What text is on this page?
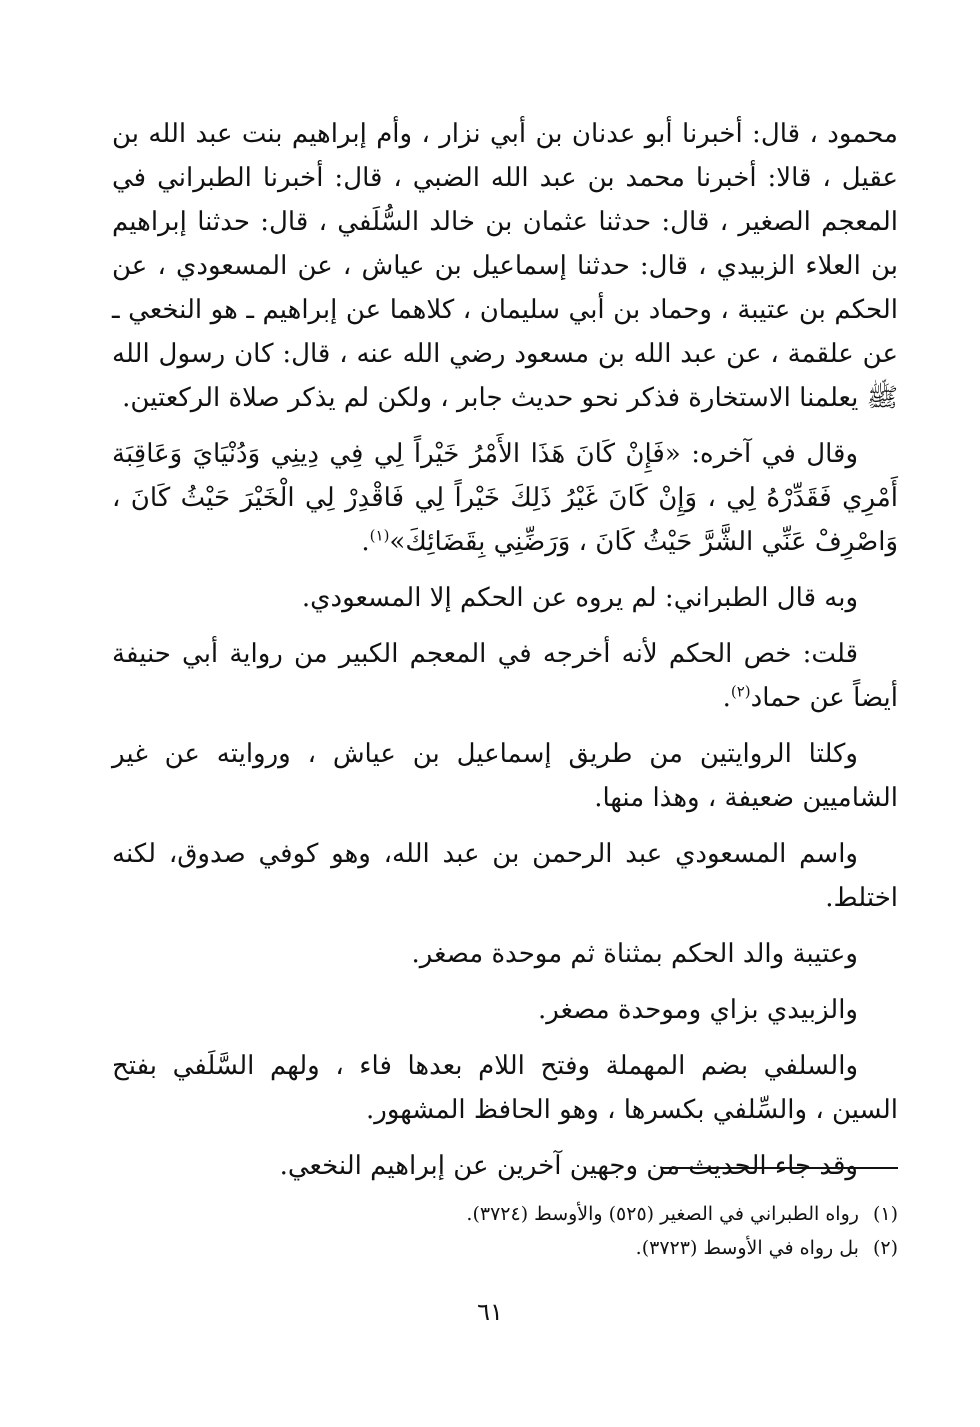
محمود ، قال: أخبرنا أبو عدنان بن أبي نزار ، وأم إبراهيم بنت عبد الله بن عقيل ، قالا: أخبرنا محمد بن عبد الله الضبي ، قال: أخبرنا الطبراني في المعجم الصغير ، قال: حدثنا عثمان بن خالد السُّلَفي ، قال: حدثنا إبراهيم بن العلاء الزبيدي ، قال: حدثنا إسماعيل بن عياش ، عن المسعودي ، عن الحكم بن عتيبة ، وحماد بن أبي سليمان ، كلاهما عن إبراهيم ـ هو النخعي ـ عن علقمة ، عن عبد الله بن مسعود رضي الله عنه ، قال: كان رسول الله ﷺ يعلمنا الاستخارة فذكر نحو حديث جابر ، ولكن لم يذكر صلاة الركعتين.

وقال في آخره: «فَإِنْ كَانَ هَذَا الأَمْرُ خَيْراً لِي فِي دِينِي وَدُنْيَايَ وَعَاقِبَة أَمْرِي فَقَدِّرْهُ لِي ، وَإِنْ كَانَ غَيْرُ ذَلِكَ خَيْراً لِي فَاقْدِرْ لِي الْخَيْرَ حَيْثُ كَانَ ، وَاصْرِفْ عَنِّي الشَّرَّ حَيْثُ كَانَ ، وَرَضِّنِي بِقَضَائِكَ»$^{(١)}$.

وبه قال الطبراني: لم يروه عن الحكم إلا المسعودي.

قلت: خص الحكم لأنه أخرجه في المعجم الكبير من رواية أبي حنيفة أيضاً عن حماد$^{(٢)}$.

وكلتا الروايتين من طريق إسماعيل بن عياش ، وروايته عن غير الشاميين ضعيفة ، وهذا منها.

واسم المسعودي عبد الرحمن بن عبد الله، وهو كوفي صدوق، لكنه اختلط.

وعتيبة والد الحكم بمثناة ثم موحدة مصغر.

والزبيدي بزاي وموحدة مصغر.

والسلفي بضم المهملة وفتح اللام بعدها فاء ، ولهم السَّلَفي بفتح السين ، والسِّلفي بكسرها ، وهو الحافظ المشهور.

وقد جاء الحديث من وجهين آخرين عن إبراهيم النخعي.

(١)رواه الطبراني في الصغير (٥٢٥) والأوسط (٣٧٢٤).

(٢)بل رواه في الأوسط (٣٧٢٣).

٦١
